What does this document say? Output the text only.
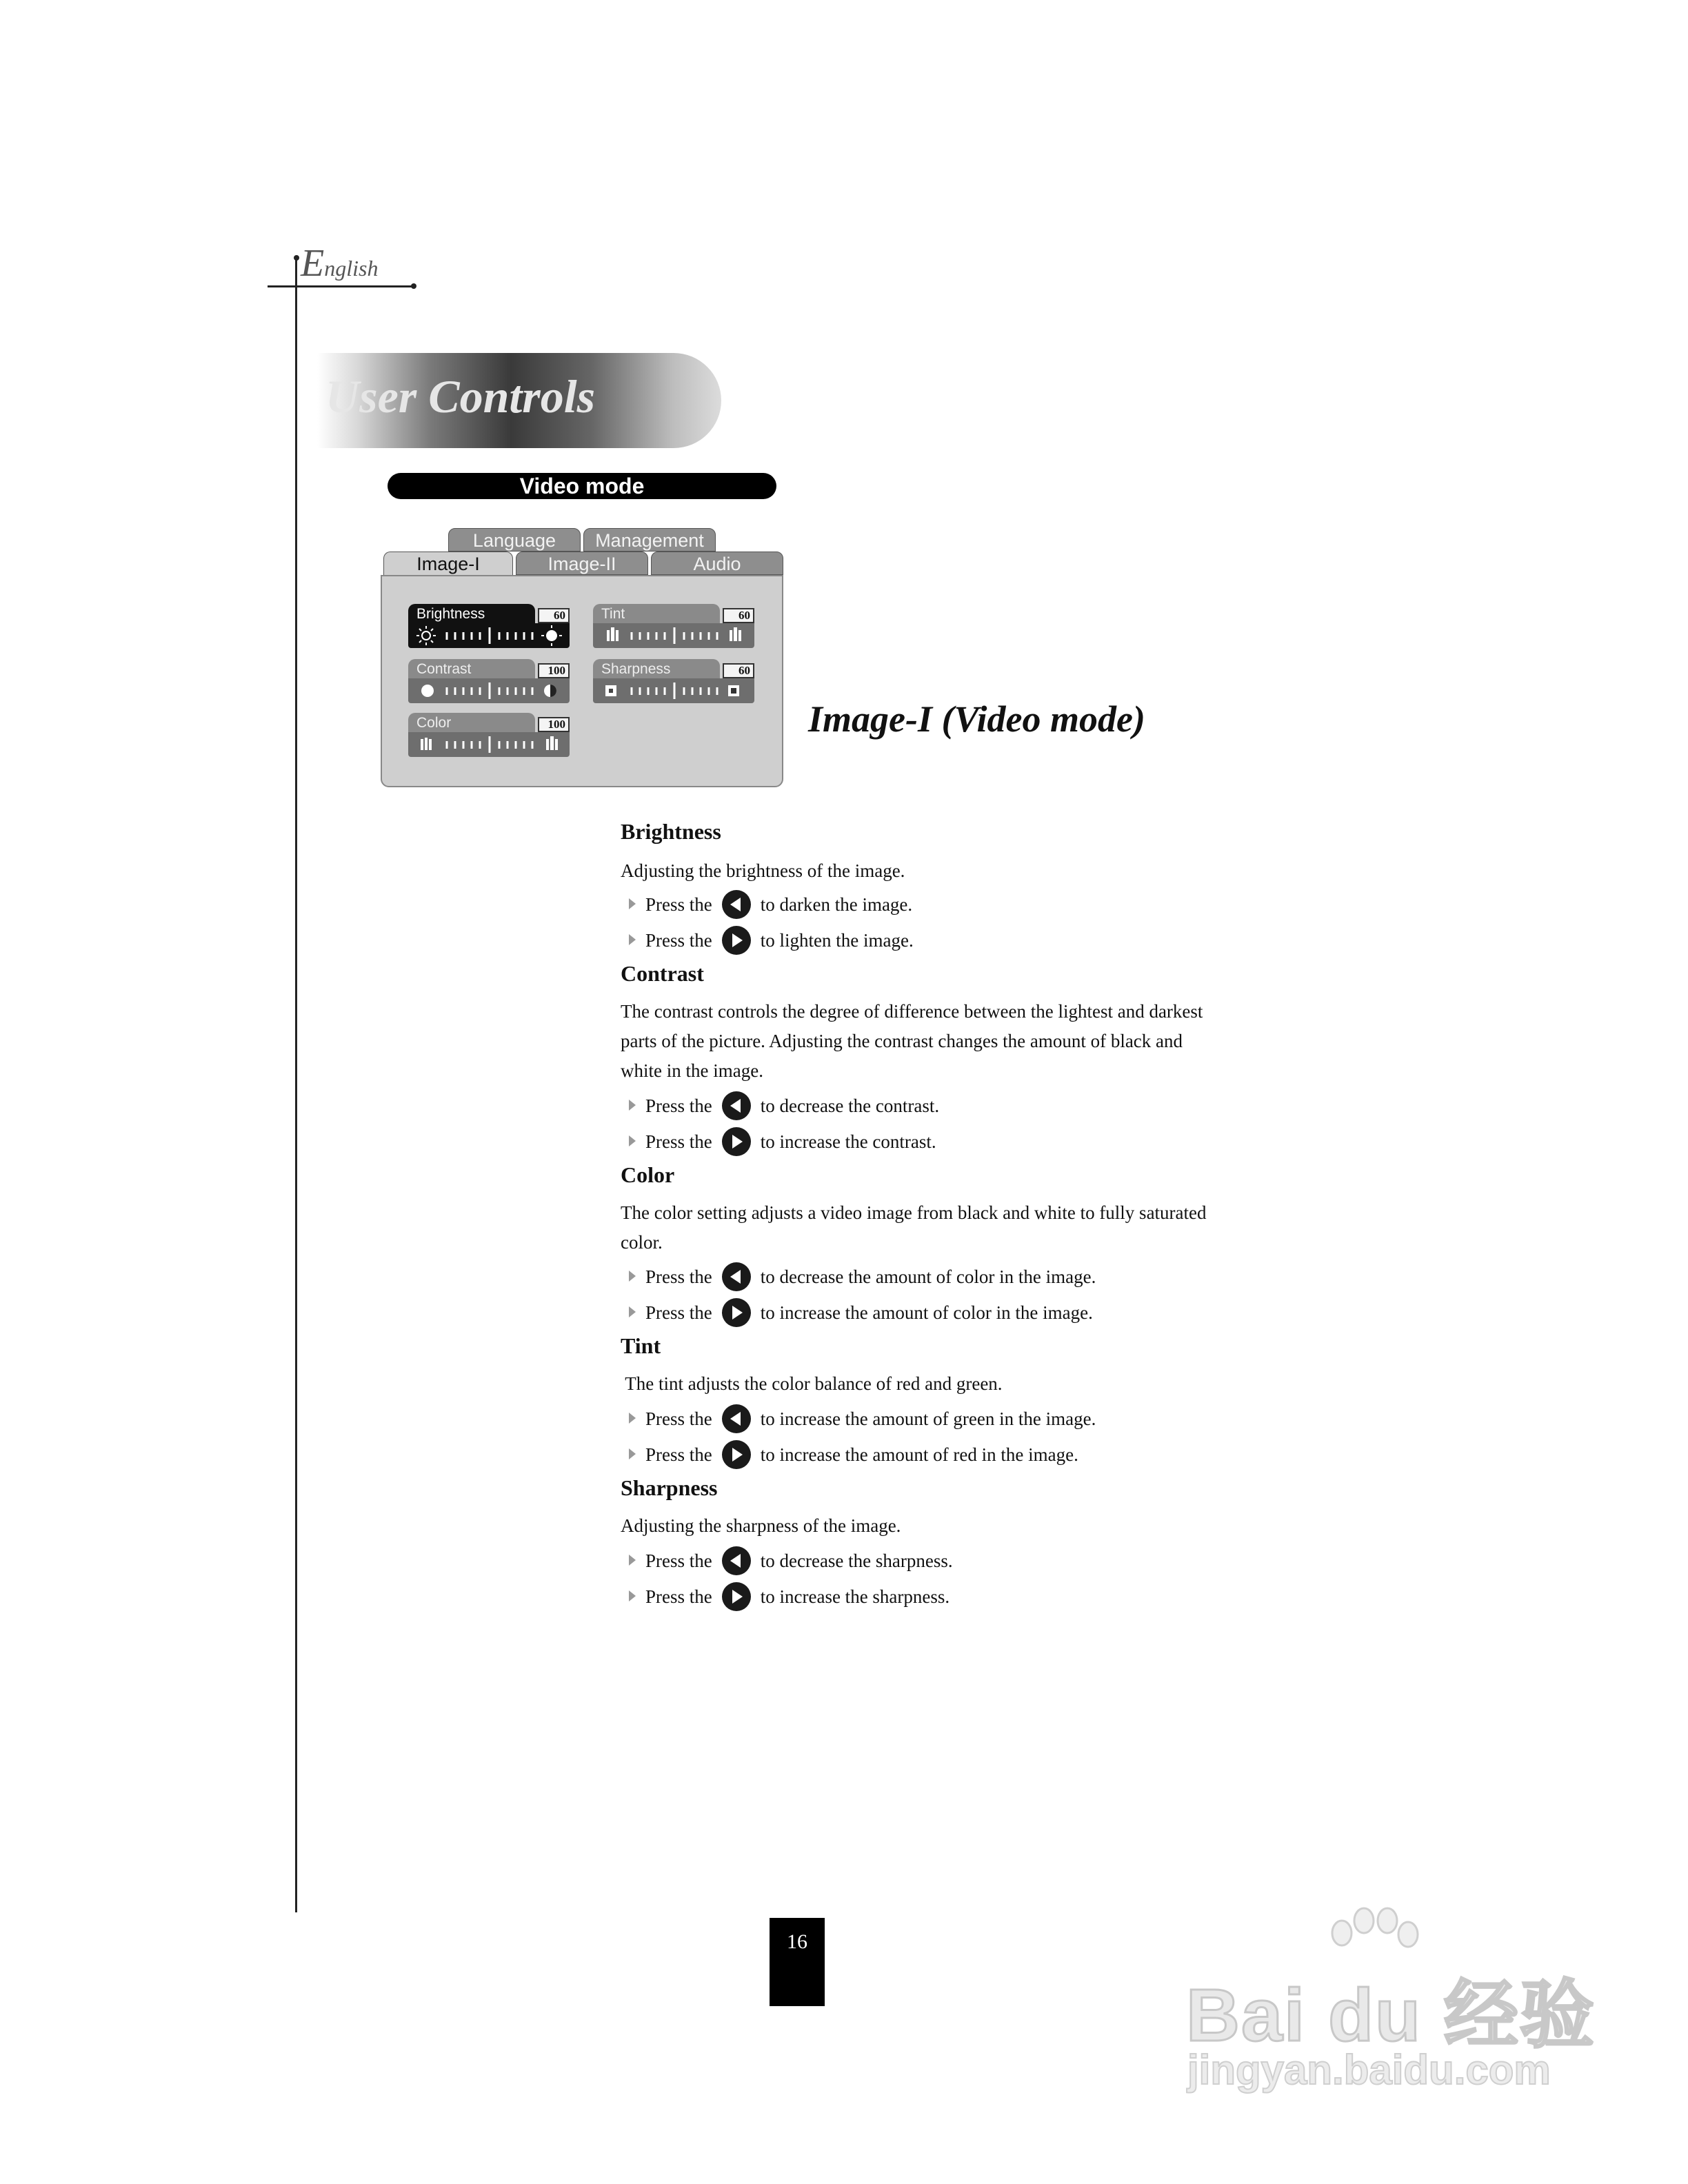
English
User Controls
Video mode
Language	Management
Image-I	Image-II	Audio
Brightness	60
Contrast	100
Color	100
Tint	60
Sharpness	60
Image-I (Video mode)
Brightness
Adjusting the brightness of the image.
Press the	to darken the image.
Press the	to lighten the image.
Contrast
The contrast controls the degree of difference between the lightest and darkest
parts of the picture. Adjusting the contrast changes the amount of black and
white in the image.
Press the	to decrease the contrast.
Press the	to increase the contrast.
Color
The color setting adjusts a video image from black and white to fully saturated
color.
Press the	to decrease the amount of color in the image.
Press the	to increase the amount of color in the image.
Tint
The tint adjusts the color balance of red and green.
Press the	to increase the amount of green in the image.
Press the	to increase the amount of red in the image.
Sharpness
Adjusting the sharpness of the image.
Press the	to decrease the sharpness.
Press the	to increase the sharpness.
16
Bai du 经验
jingyan.baidu.com
